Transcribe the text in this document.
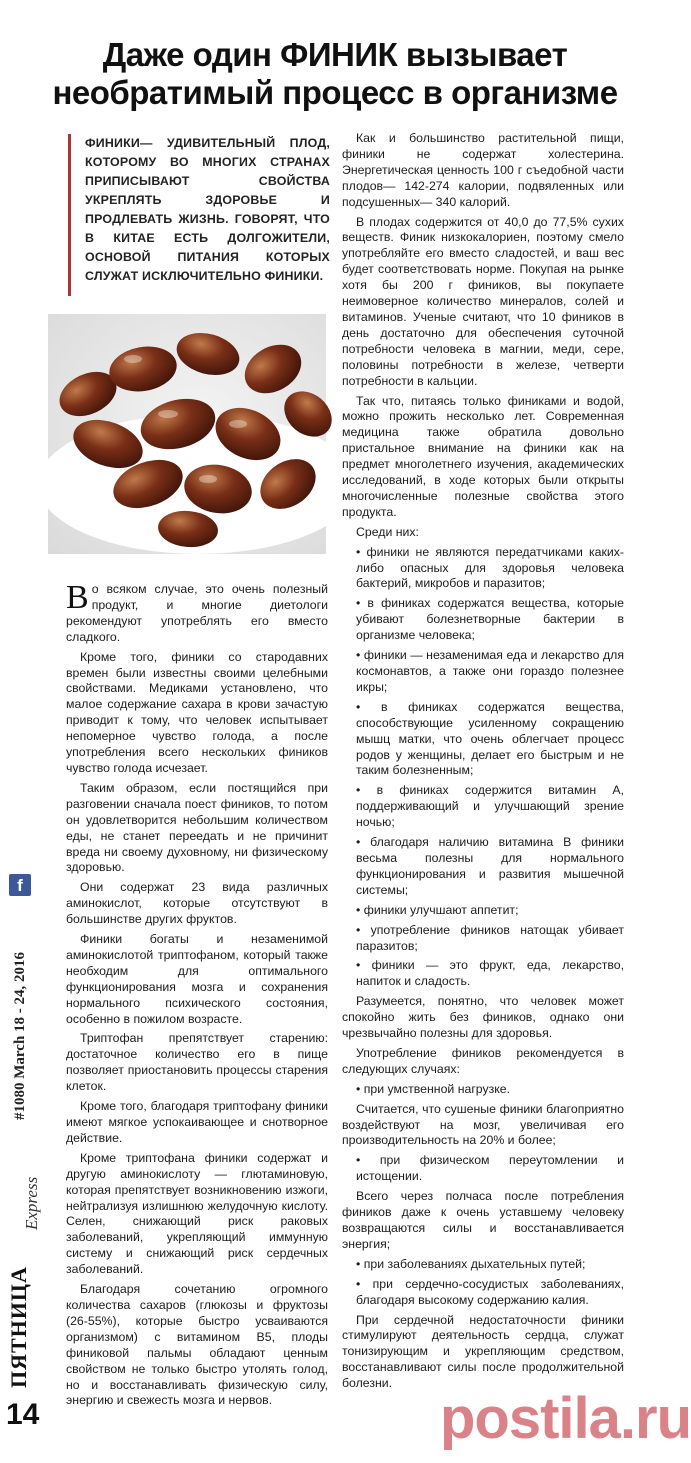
Даже один ФИНИК вызывает
необратимый процесс в организме
ФИНИКИ— УДИВИТЕЛЬНЫЙ ПЛОД, КОТОРОМУ ВО МНОГИХ СТРАНАХ ПРИПИСЫВАЮТ СВОЙСТВА УКРЕПЛЯТЬ ЗДОРОВЬЕ И ПРОДЛЕВАТЬ ЖИЗНЬ. ГОВОРЯТ, ЧТО В КИТАЕ ЕСТЬ ДОЛГОЖИТЕЛИ, ОСНОВОЙ ПИТАНИЯ КОТОРЫХ СЛУЖАТ ИСКЛЮЧИТЕЛЬНО ФИНИКИ.

Во всяком случае, это очень полезный продукт, и многие диетологи рекомендуют употреблять его вместо сладкого.

Кроме того, финики со стародавних времен были известны своими целебными свойствами. Медиками установлено, что малое содержание сахара в крови зачастую приводит к тому, что человек испытывает непомерное чувство голода, а после употребления всего нескольких фиников чувство голода исчезает.

Таким образом, если постящийся при разговении сначала поест фиников, то потом он удовлетворится небольшим количеством еды, не станет переедать и не причинит вреда ни своему духовному, ни физическому здоровью.

Они содержат 23 вида различных аминокислот, которые отсутствуют в большинстве других фруктов.

Финики богаты и незаменимой аминокислотой триптофаном, который также необходим для оптимального функционирования мозга и сохранения нормального психического состояния, особенно в пожилом возрасте.

Триптофан препятствует старению: достаточное количество его в пище позволяет приостановить процессы старения клеток.

Кроме того, благодаря триптофану финики имеют мягкое успокаивающее и снотворное действие.

Кроме триптофана финики содержат и другую аминокислоту — глютаминовую, которая препятствует возникновению изжоги, нейтрализуя излишнюю желудочную кислоту. Селен, снижающий риск раковых заболеваний, укрепляющий иммунную систему и снижающий риск сердечных заболеваний.

Благодаря сочетанию огромного количества сахаров (глюкозы и фруктозы (26-55%), которые быстро усваиваются организмом) с витамином B5, плоды финиковой пальмы обладают ценным свойством не только быстро утолять голод, но и восстанавливать физическую силу, энергию и свежесть мозга и нервов.

Как и большинство растительной пищи, финики не содержат холестерина. Энергетическая ценность 100 г съедобной части плодов— 142-274 калории, подвяленных или подсушенных— 340 калорий.

В плодах содержится от 40,0 до 77,5% сухих веществ. Финик низкокалориен, поэтому смело употребляйте его вместо сладостей, и ваш вес будет соответствовать норме. Покупая на рынке хотя бы 200 г фиников, вы покупаете неимоверное количество минералов, солей и витаминов. Ученые считают, что 10 фиников в день достаточно для обеспечения суточной потребности человека в магнии, меди, сере, половины потребности в железе, четверти потребности в кальции.

Так что, питаясь только финиками и водой, можно прожить несколько лет. Современная медицина также обратила довольно пристальное внимание на финики как на предмет многолетнего изучения, академических исследований, в ходе которых были открыты многочисленные полезные свойства этого продукта.

Среди них:

• финики не являются передатчиками каких-либо опасных для здоровья человека бактерий, микробов и паразитов;

• в финиках содержатся вещества, которые убивают болезнетворные бактерии в организме человека;

• финики — незаменимая еда и лекарство для космонавтов, а также они гораздо полезнее икры;

• в финиках содержатся вещества, способствующие усиленному сокращению мышц матки, что очень облегчает процесс родов у женщины, делает его быстрым и не таким болезненным;

• в финиках содержится витамин А, поддерживающий и улучшающий зрение ночью;

• благодаря наличию витамина В финики весьма полезны для нормального функционирования и развития мышечной системы;

• финики улучшают аппетит;

• употребление фиников натощак убивает паразитов;

• финики — это фрукт, еда, лекарство, напиток и сладость.

Разумеется, понятно, что человек может спокойно жить без фиников, однако они чрезвычайно полезны для здоровья.

Употребление фиников рекомендуется в следующих случаях:

• при умственной нагрузке.

Считается, что сушеные финики благоприятно воздействуют на мозг, увеличивая его производительность на 20% и более;

• при физическом переутомлении и истощении.

Всего через полчаса после потребления фиников даже к очень уставшему человеку возвращаются силы и восстанавливается энергия;

• при заболеваниях дыхательных путей;

• при сердечно-сосудистых заболеваниях, благодаря высокому содержанию калия.

При сердечной недостаточности финики стимулируют деятельность сердца, служат тонизирующим и укрепляющим средством, восстанавливают силы после продолжительной болезни.

f
#1080 March 18 - 24, 2016
Express
ПЯТНИЦА
14	postila.ru
